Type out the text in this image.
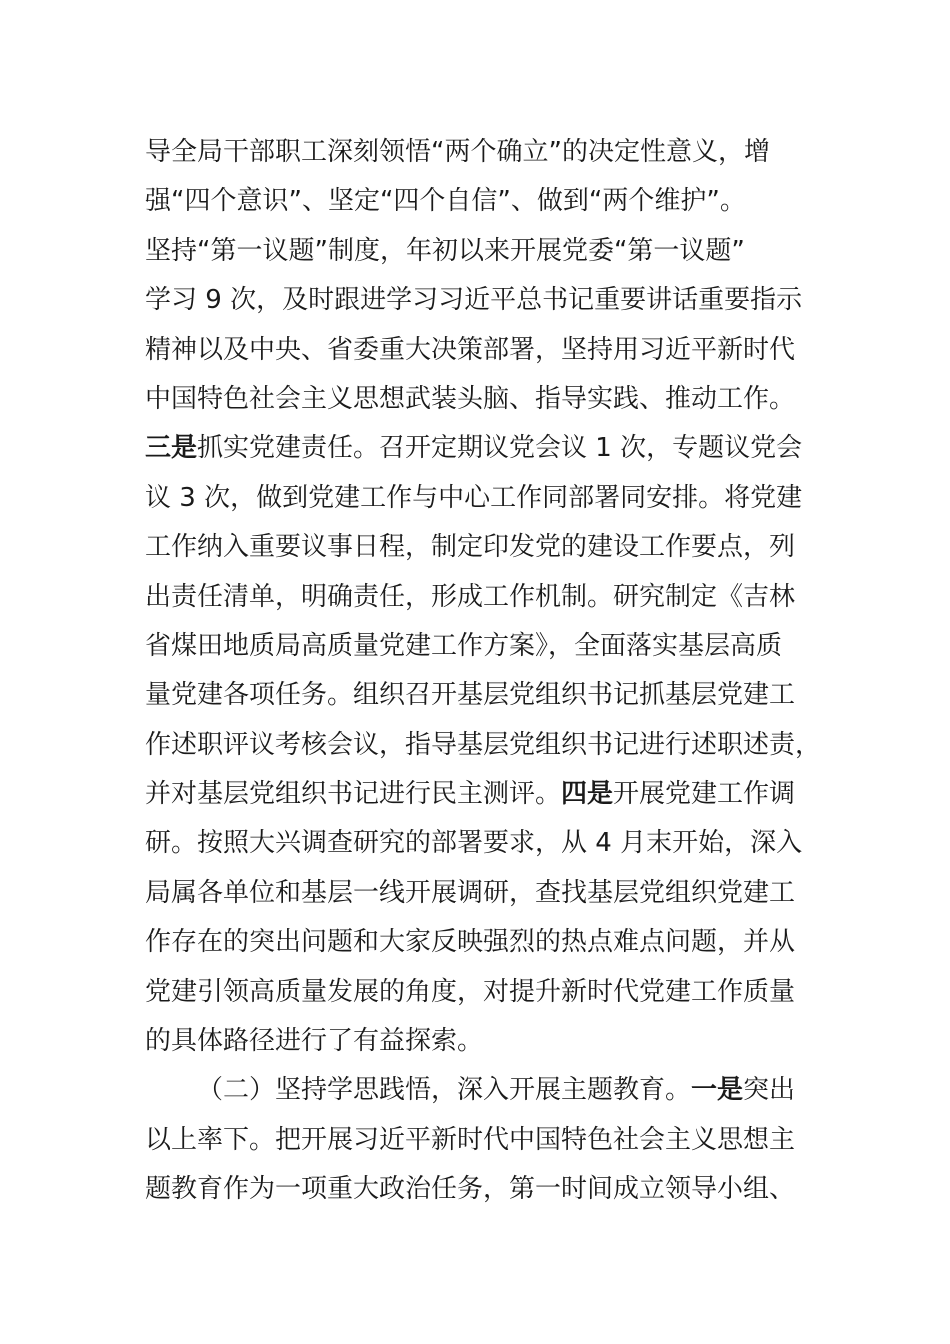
导全局干部职工深刻领悟“两个确立”的决定性意义，增
强“四个意识”、坚定“四个自信”、做到“两个维护”。
坚持“第一议题”制度，年初以来开展党委“第一议题”
学习 9 次，及时跟进学习习近平总书记重要讲话重要指示
精神以及中央、省委重大决策部署，坚持用习近平新时代
中国特色社会主义思想武装头脑、指导实践、推动工作。
三是抓实党建责任。召开定期议党会议 1 次，专题议党会
议 3 次，做到党建工作与中心工作同部署同安排。将党建
工作纳入重要议事日程，制定印发党的建设工作要点，列
出责任清单，明确责任，形成工作机制。研究制定《吉林
省煤田地质局高质量党建工作方案》，全面落实基层高质
量党建各项任务。组织召开基层党组织书记抓基层党建工
作述职评议考核会议，指导基层党组织书记进行述职述责，
并对基层党组织书记进行民主测评。四是开展党建工作调
研。按照大兴调查研究的部署要求，从 4 月末开始，深入
局属各单位和基层一线开展调研，查找基层党组织党建工
作存在的突出问题和大家反映强烈的热点难点问题，并从
党建引领高质量发展的角度，对提升新时代党建工作质量
的具体路径进行了有益探索。
（二）坚持学思践悟，深入开展主题教育。一是突出
以上率下。把开展习近平新时代中国特色社会主义思想主
题教育作为一项重大政治任务，第一时间成立领导小组、
